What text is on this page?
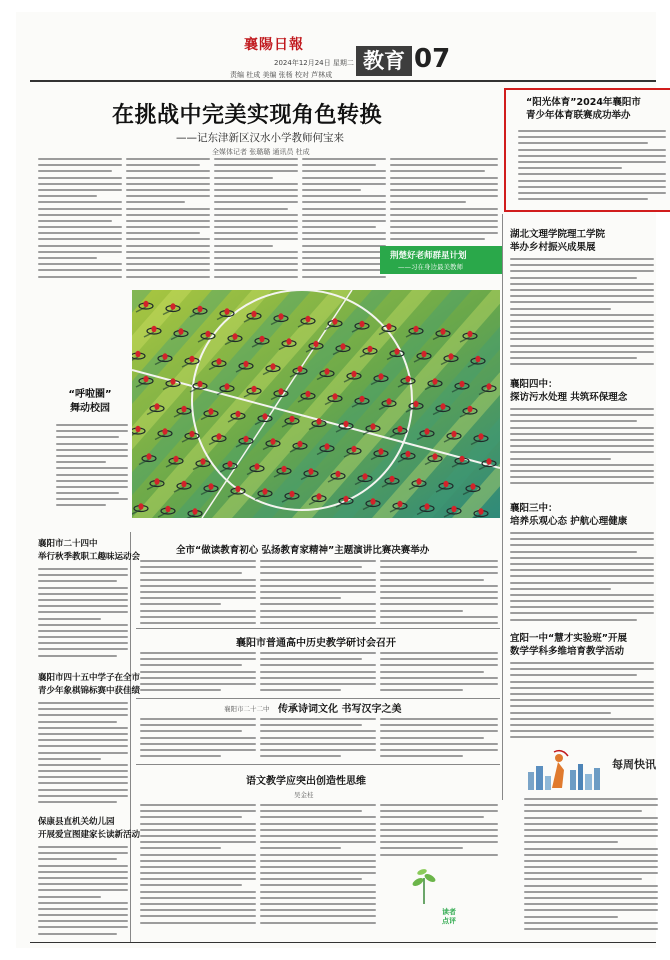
襄陽日報
2024年12月24日 星期二
责编 杜成 美编 张杨 校对 芦林成
教育 07
在挑战中完美实现角色转换
——记东津新区汉水小学教师何宝来
全媒体记者 张璐璐 通讯员 杜成
荆楚好老师群星计划
——习在身边最美教师
“呼啦圈”
舞动校园
“阳光体育”2024年襄阳市
青少年体育联赛成功举办
湖北文理学院理工学院
举办乡村振兴成果展
襄阳四中：
探访污水处理 共筑环保理念
襄阳三中：
培养乐观心态 护航心理健康
宜阳一中“慧才实验班”开展
数学学科多维培育教学活动
每周快讯
襄阳市二十四中
举行秋季教职工趣味运动会
襄阳市四十五中学子在全市
青少年象棋锦标赛中获佳绩
保康县直机关幼儿园
开展爱宣图建家长读新活动
全市“做读教育初心 弘扬教育家精神”主题演讲比赛决赛举办
襄阳市普通高中历史教学研讨会召开
襄阳市二十二中 传承诗词文化 书写汉字之美
语文教学应突出创造性思维
吴金桂
读者
点评
